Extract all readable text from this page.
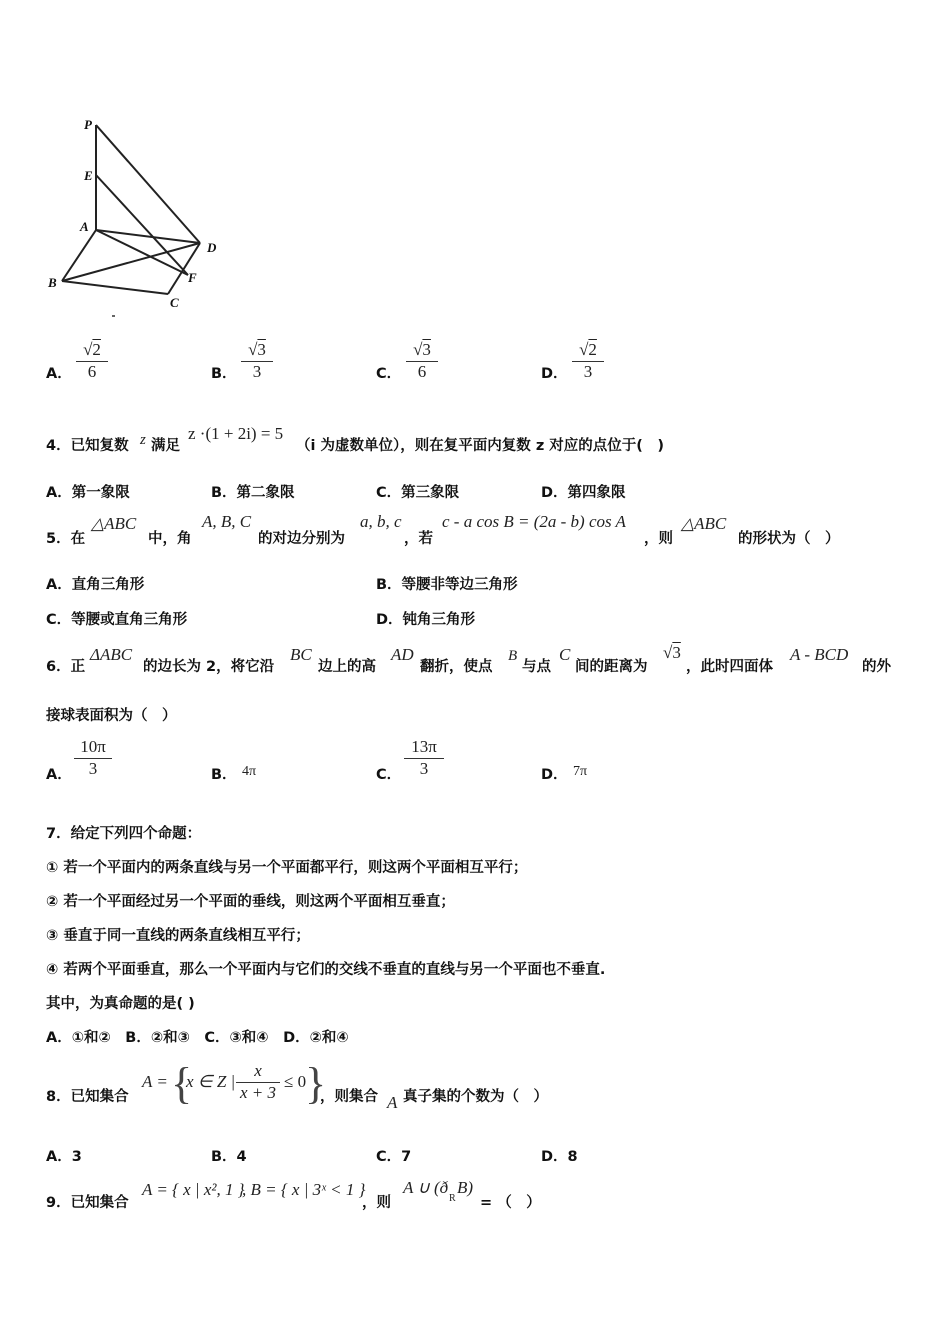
P
E
A
D
B	F
C
A．
√2
6	B．
√3
3	C．
√3
6	D．
√2
3
4．已知复数 z 满足
z ·(1 + 2i) = 5
（i 为虚数单位），则在复平面内复数 z 对应的点位于(　)
A．第一象限	B．第二象限	C．第三象限	D．第四象限
5．在
△ABC
中，角
A, B, C
的对边分别为
a, b, c
，若
c - a cos B = (2a - b) cos A
，则
△ABC
的形状为（　）
A．直角三角形	B．等腰非等边三角形
C．等腰或直角三角形	D．钝角三角形
6．正
ΔABC
的边长为 2，将它沿
BC
边上的高
AD
翻折，使点
B
与点
C
间的距离为
√3
，此时四面体
A - BCD
的外
接球表面积为（　）
A．
10π
3	B． 4π	C．
13π
3	D． 7π
7．给定下列四个命题：
① 若一个平面内的两条直线与另一个平面都平行，则这两个平面相互平行；
② 若一个平面经过另一个平面的垂线，则这两个平面相互垂直；
③ 垂直于同一直线的两条直线相互平行；
④ 若两个平面垂直，那么一个平面内与它们的交线不垂直的直线与另一个平面也不垂直.
其中，为真命题的是( )
A．①和②　B．②和③　C．③和④　D．②和④
8．已知集合
A = {
x ∈ Z |
x
x + 3
≤ 0
}
，则集合 A 真子集的个数为（　）
A．3	B．4	C．7	D．8
9．已知集合
A = { x | x², 1 }
, B = { x | 3ˣ < 1 }
，则
A ∪ (ð
R
B)
= （　）
